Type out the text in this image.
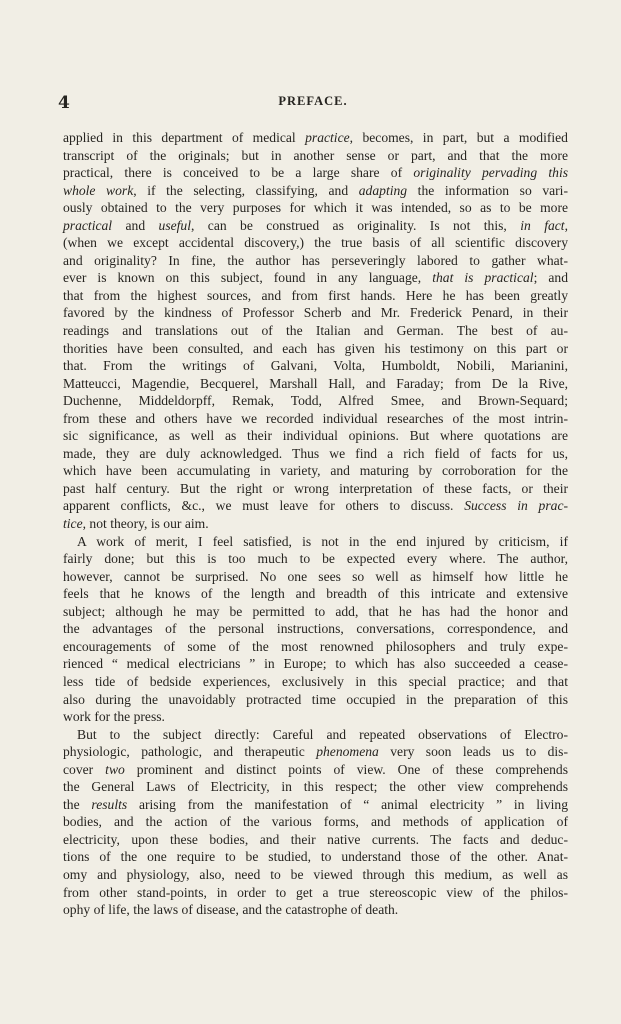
4	PREFACE.
applied in this department of medical practice, becomes, in part, but a modified
transcript of the originals; but in another sense or part, and that the more
practical, there is conceived to be a large share of originality pervading this
whole work, if the selecting, classifying, and adapting the information so vari-
ously obtained to the very purposes for which it was intended, so as to be more
practical and useful, can be construed as originality. Is not this, in fact,
(when we except accidental discovery,) the true basis of all scientific discovery
and originality? In fine, the author has perseveringly labored to gather what-
ever is known on this subject, found in any language, that is practical; and
that from the highest sources, and from first hands. Here he has been greatly
favored by the kindness of Professor Scherb and Mr. Frederick Penard, in their
readings and translations out of the Italian and German. The best of au-
thorities have been consulted, and each has given his testimony on this part or
that. From the writings of Galvani, Volta, Humboldt, Nobili, Marianini,
Matteucci, Magendie, Becquerel, Marshall Hall, and Faraday; from De la Rive,
Duchenne, Middeldorpff, Remak, Todd, Alfred Smee, and Brown-Sequard;
from these and others have we recorded individual researches of the most intrin-
sic significance, as well as their individual opinions. But where quotations are
made, they are duly acknowledged. Thus we find a rich field of facts for us,
which have been accumulating in variety, and maturing by corroboration for the
past half century. But the right or wrong interpretation of these facts, or their
apparent conflicts, &c., we must leave for others to discuss. Success in prac-
tice, not theory, is our aim.
A work of merit, I feel satisfied, is not in the end injured by criticism, if
fairly done; but this is too much to be expected every where. The author,
however, cannot be surprised. No one sees so well as himself how little he
feels that he knows of the length and breadth of this intricate and extensive
subject; although he may be permitted to add, that he has had the honor and
the advantages of the personal instructions, conversations, correspondence, and
encouragements of some of the most renowned philosophers and truly expe-
rienced “ medical electricians ” in Europe; to which has also succeeded a cease-
less tide of bedside experiences, exclusively in this special practice; and that
also during the unavoidably protracted time occupied in the preparation of this
work for the press.
But to the subject directly: Careful and repeated observations of Electro-
physiologic, pathologic, and therapeutic phenomena very soon leads us to dis-
cover two prominent and distinct points of view. One of these comprehends
the General Laws of Electricity, in this respect; the other view comprehends
the results arising from the manifestation of “ animal electricity ” in living
bodies, and the action of the various forms, and methods of application of
electricity, upon these bodies, and their native currents. The facts and deduc-
tions of the one require to be studied, to understand those of the other. Anat-
omy and physiology, also, need to be viewed through this medium, as well as
from other stand-points, in order to get a true stereoscopic view of the philos-
ophy of life, the laws of disease, and the catastrophe of death.
